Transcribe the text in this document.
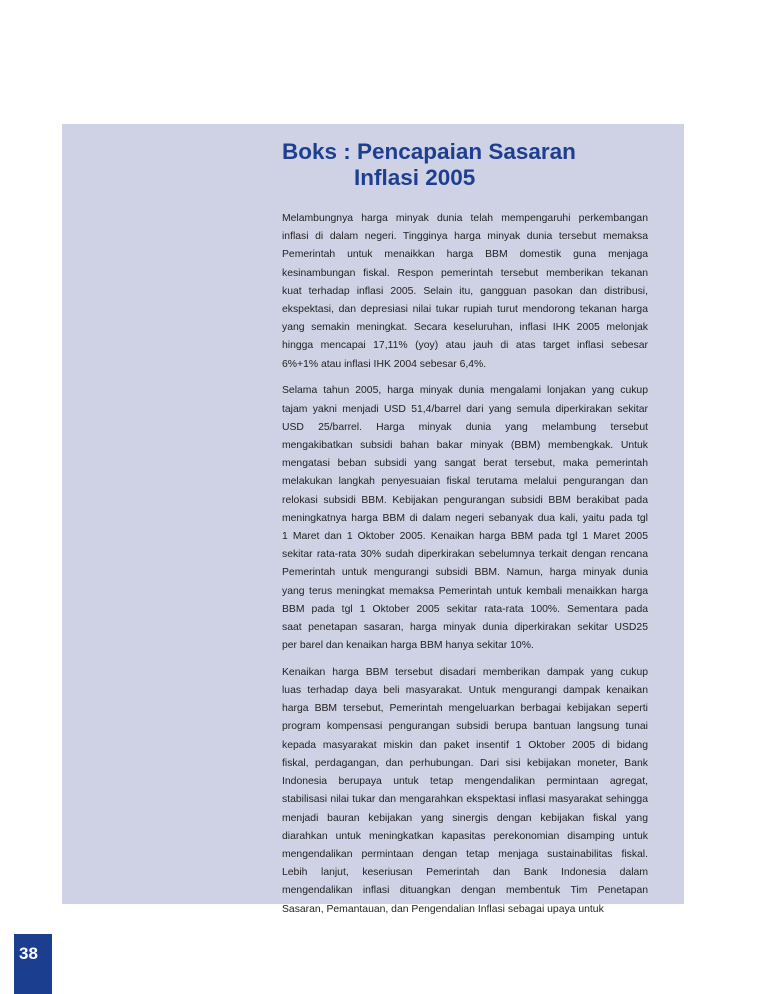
Boks : Pencapaian Sasaran
Inflasi 2005

Melambungnya harga minyak dunia telah mempengaruhi perkembangan
inflasi di dalam negeri. Tingginya harga minyak dunia tersebut memaksa
Pemerintah untuk menaikkan harga BBM domestik guna menjaga
kesinambungan fiskal. Respon pemerintah tersebut memberikan tekanan
kuat terhadap inflasi 2005. Selain itu, gangguan pasokan dan distribusi,
ekspektasi, dan depresiasi nilai tukar rupiah turut mendorong tekanan harga
yang semakin meningkat. Secara keseluruhan, inflasi IHK 2005 melonjak
hingga mencapai 17,11% (yoy) atau jauh di atas target inflasi sebesar
6%+1% atau inflasi IHK 2004 sebesar 6,4%.

Selama tahun 2005, harga minyak dunia mengalami lonjakan yang cukup
tajam yakni menjadi USD 51,4/barrel dari yang semula diperkirakan sekitar
USD 25/barrel. Harga minyak dunia yang melambung tersebut
mengakibatkan subsidi bahan bakar minyak (BBM) membengkak. Untuk
mengatasi beban subsidi yang sangat berat tersebut, maka pemerintah
melakukan langkah penyesuaian fiskal terutama melalui pengurangan dan
relokasi subsidi BBM. Kebijakan pengurangan subsidi BBM berakibat pada
meningkatnya harga BBM di dalam negeri sebanyak dua kali, yaitu pada tgl
1 Maret dan 1 Oktober 2005. Kenaikan harga BBM pada tgl 1 Maret 2005
sekitar rata-rata 30% sudah diperkirakan sebelumnya terkait dengan rencana
Pemerintah untuk mengurangi subsidi BBM. Namun, harga minyak dunia
yang terus meningkat memaksa Pemerintah untuk kembali menaikkan harga
BBM pada tgl 1 Oktober 2005 sekitar rata-rata 100%. Sementara pada
saat penetapan sasaran, harga minyak dunia diperkirakan sekitar USD25
per barel dan kenaikan harga BBM hanya sekitar 10%.

Kenaikan harga BBM tersebut disadari memberikan dampak yang cukup
luas terhadap daya beli masyarakat. Untuk mengurangi dampak kenaikan
harga BBM tersebut, Pemerintah mengeluarkan berbagai kebijakan seperti
program kompensasi pengurangan subsidi berupa bantuan langsung tunai
kepada masyarakat miskin dan paket insentif 1 Oktober 2005 di bidang
fiskal, perdagangan, dan perhubungan. Dari sisi kebijakan moneter, Bank
Indonesia berupaya untuk tetap mengendalikan permintaan agregat,
stabilisasi nilai tukar dan mengarahkan ekspektasi inflasi masyarakat sehingga
menjadi bauran kebijakan yang sinergis dengan kebijakan fiskal yang
diarahkan untuk meningkatkan kapasitas perekonomian disamping untuk
mengendalikan permintaan dengan tetap menjaga sustainabilitas fiskal.
Lebih lanjut, keseriusan Pemerintah dan Bank Indonesia dalam
mengendalikan inflasi dituangkan dengan membentuk Tim Penetapan
Sasaran, Pemantauan, dan Pengendalian Inflasi sebagai upaya untuk

38
